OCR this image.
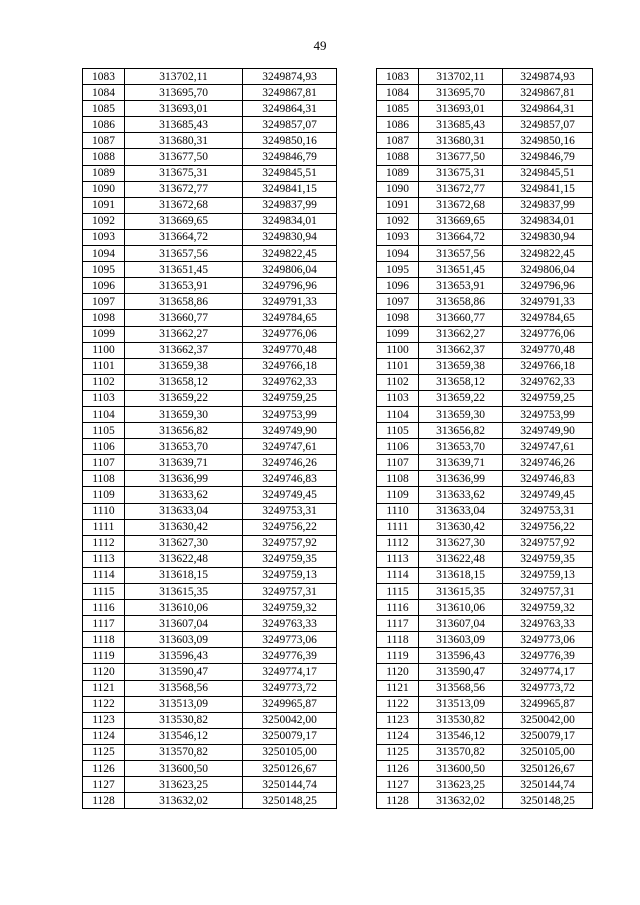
49
1083	313702,11	3249874,93
1084	313695,70	3249867,81
1085	313693,01	3249864,31
1086	313685,43	3249857,07
1087	313680,31	3249850,16
1088	313677,50	3249846,79
1089	313675,31	3249845,51
1090	313672,77	3249841,15
1091	313672,68	3249837,99
1092	313669,65	3249834,01
1093	313664,72	3249830,94
1094	313657,56	3249822,45
1095	313651,45	3249806,04
1096	313653,91	3249796,96
1097	313658,86	3249791,33
1098	313660,77	3249784,65
1099	313662,27	3249776,06
1100	313662,37	3249770,48
1101	313659,38	3249766,18
1102	313658,12	3249762,33
1103	313659,22	3249759,25
1104	313659,30	3249753,99
1105	313656,82	3249749,90
1106	313653,70	3249747,61
1107	313639,71	3249746,26
1108	313636,99	3249746,83
1109	313633,62	3249749,45
1110	313633,04	3249753,31
1111	313630,42	3249756,22
1112	313627,30	3249757,92
1113	313622,48	3249759,35
1114	313618,15	3249759,13
1115	313615,35	3249757,31
1116	313610,06	3249759,32
1117	313607,04	3249763,33
1118	313603,09	3249773,06
1119	313596,43	3249776,39
1120	313590,47	3249774,17
1121	313568,56	3249773,72
1122	313513,09	3249965,87
1123	313530,82	3250042,00
1124	313546,12	3250079,17
1125	313570,82	3250105,00
1126	313600,50	3250126,67
1127	313623,25	3250144,74
1128	313632,02	3250148,25
1083	313702,11	3249874,93
1084	313695,70	3249867,81
1085	313693,01	3249864,31
1086	313685,43	3249857,07
1087	313680,31	3249850,16
1088	313677,50	3249846,79
1089	313675,31	3249845,51
1090	313672,77	3249841,15
1091	313672,68	3249837,99
1092	313669,65	3249834,01
1093	313664,72	3249830,94
1094	313657,56	3249822,45
1095	313651,45	3249806,04
1096	313653,91	3249796,96
1097	313658,86	3249791,33
1098	313660,77	3249784,65
1099	313662,27	3249776,06
1100	313662,37	3249770,48
1101	313659,38	3249766,18
1102	313658,12	3249762,33
1103	313659,22	3249759,25
1104	313659,30	3249753,99
1105	313656,82	3249749,90
1106	313653,70	3249747,61
1107	313639,71	3249746,26
1108	313636,99	3249746,83
1109	313633,62	3249749,45
1110	313633,04	3249753,31
1111	313630,42	3249756,22
1112	313627,30	3249757,92
1113	313622,48	3249759,35
1114	313618,15	3249759,13
1115	313615,35	3249757,31
1116	313610,06	3249759,32
1117	313607,04	3249763,33
1118	313603,09	3249773,06
1119	313596,43	3249776,39
1120	313590,47	3249774,17
1121	313568,56	3249773,72
1122	313513,09	3249965,87
1123	313530,82	3250042,00
1124	313546,12	3250079,17
1125	313570,82	3250105,00
1126	313600,50	3250126,67
1127	313623,25	3250144,74
1128	313632,02	3250148,25
